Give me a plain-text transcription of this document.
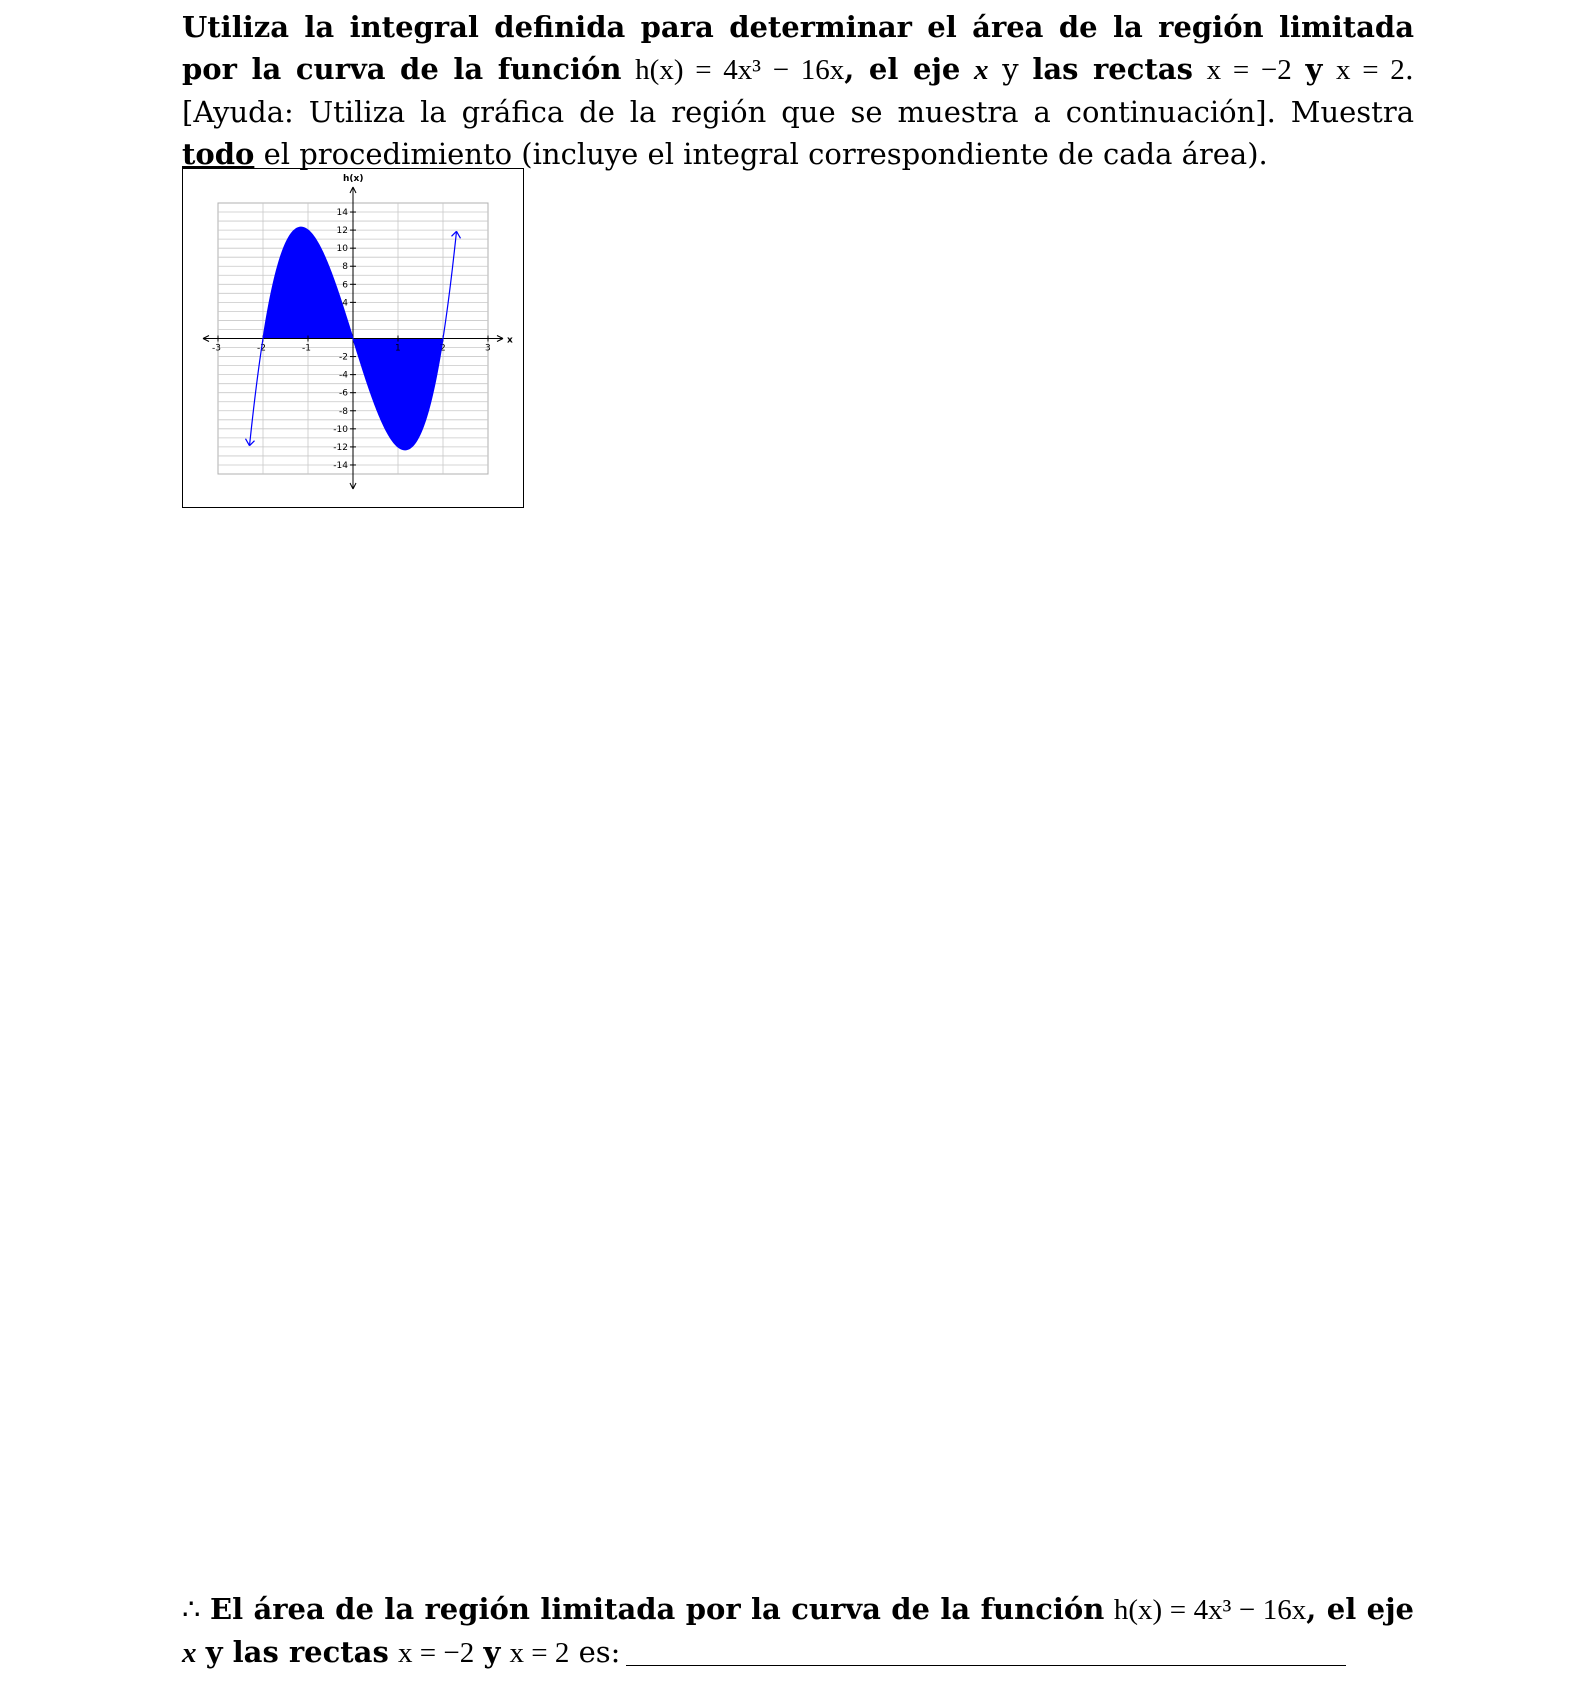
Utiliza la integral definida para determinar el área de la región limitada por la curva de la función h(x) = 4x³ − 16x, el eje x y las rectas x = −2 y x = 2. [Ayuda: Utiliza la gráfica de la región que se muestra a continuación]. Muestra todo el procedimiento (incluye el integral correspondiente de cada área).

h(x)
x
-3	-2	-1	1	2	3
14
12
10
8
6
4
-2
-4
-6
-8
-10
-12
-14

∴ El área de la región limitada por la curva de la función h(x) = 4x³ − 16x, el eje x y las rectas x = −2 y x = 2 es:
